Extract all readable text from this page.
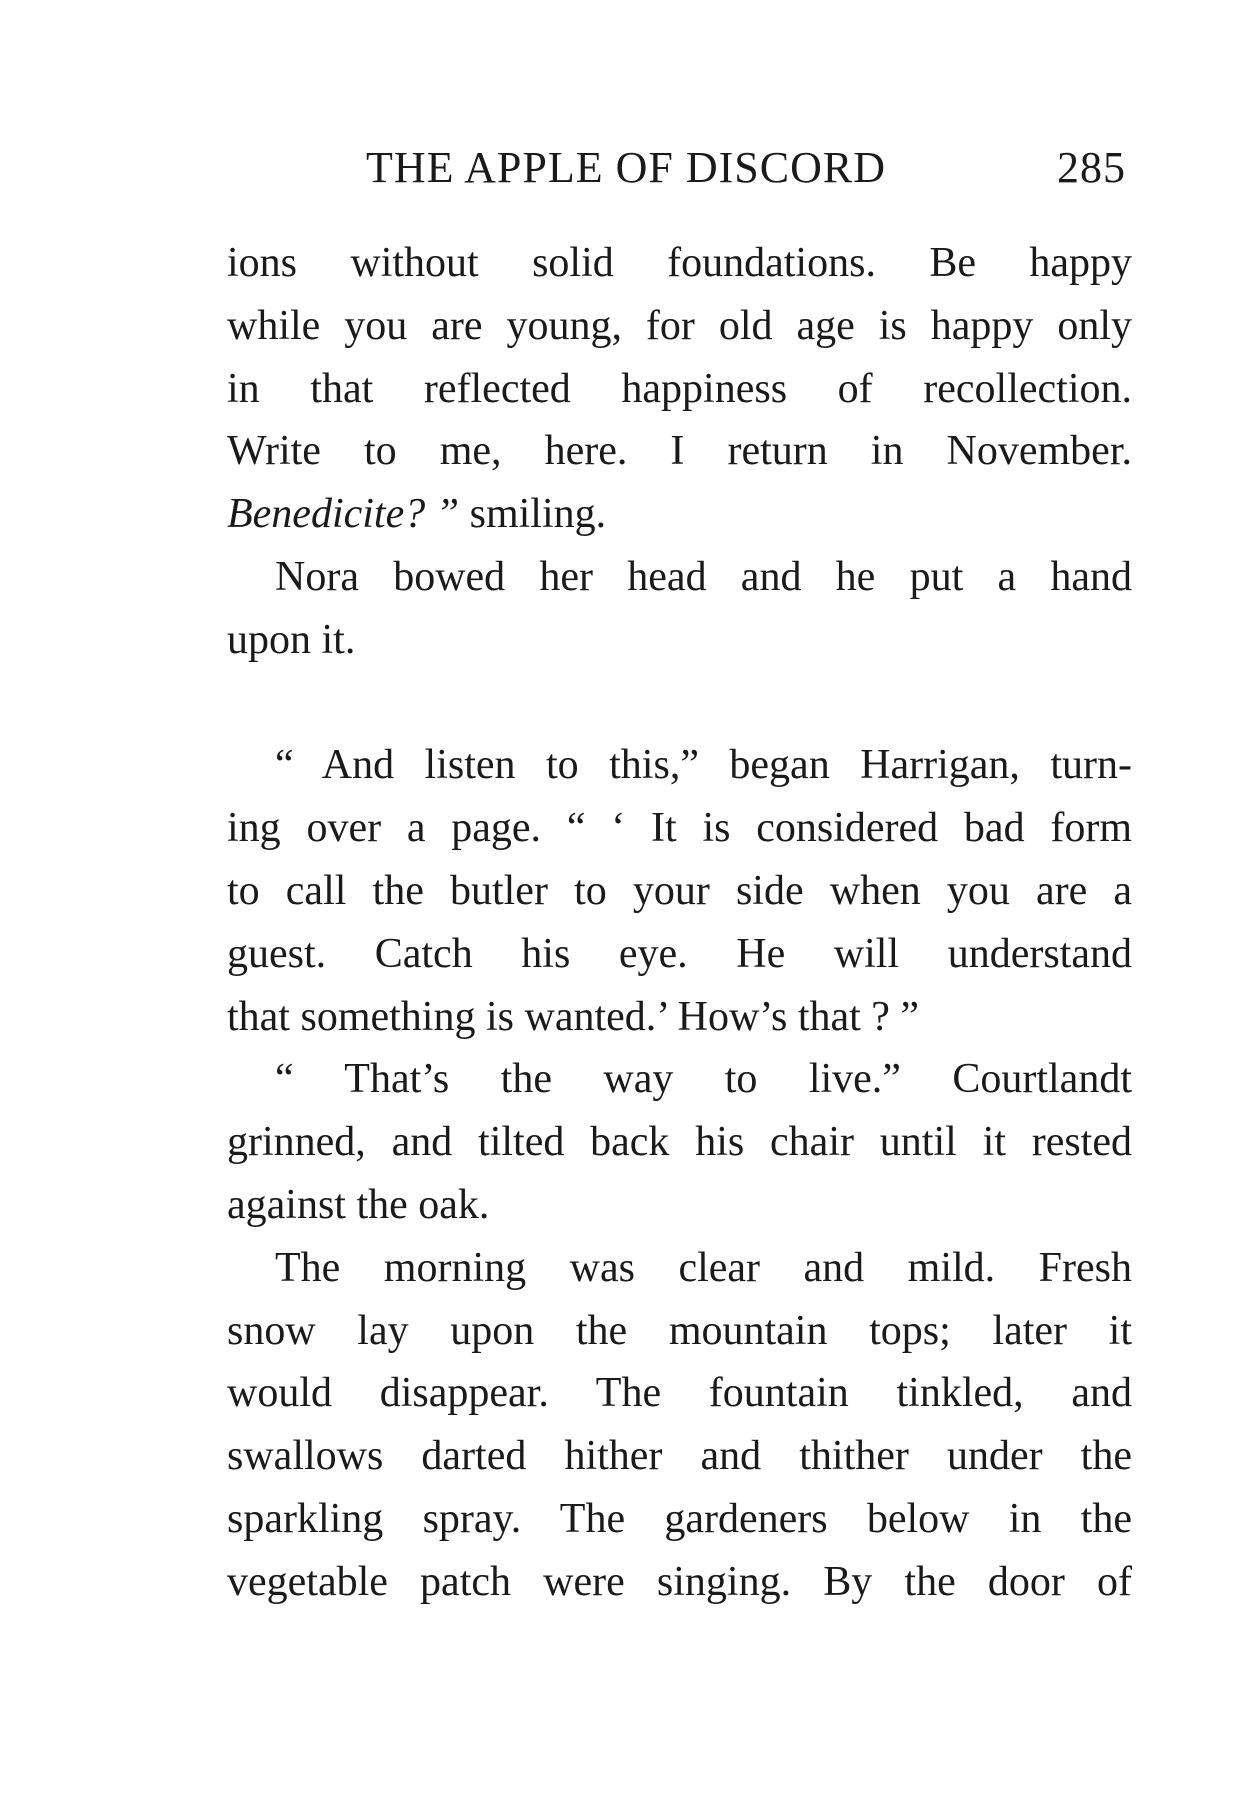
THE APPLE OF DISCORD	285
ions without solid foundations. Be happy
while you are young, for old age is happy only
in that reflected happiness of recollection.
Write to me, here. I return in November.
Benedicite? ” smiling.
Nora bowed her head and he put a hand
upon it.
“ And listen to this,” began Harrigan, turn-
ing over a page. “ ‘ It is considered bad form
to call the butler to your side when you are a
guest. Catch his eye. He will understand
that something is wanted.’ How’s that ? ”
“ That’s the way to live.” Courtlandt
grinned, and tilted back his chair until it rested
against the oak.
The morning was clear and mild. Fresh
snow lay upon the mountain tops; later it
would disappear. The fountain tinkled, and
swallows darted hither and thither under the
sparkling spray. The gardeners below in the
vegetable patch were singing. By the door of
